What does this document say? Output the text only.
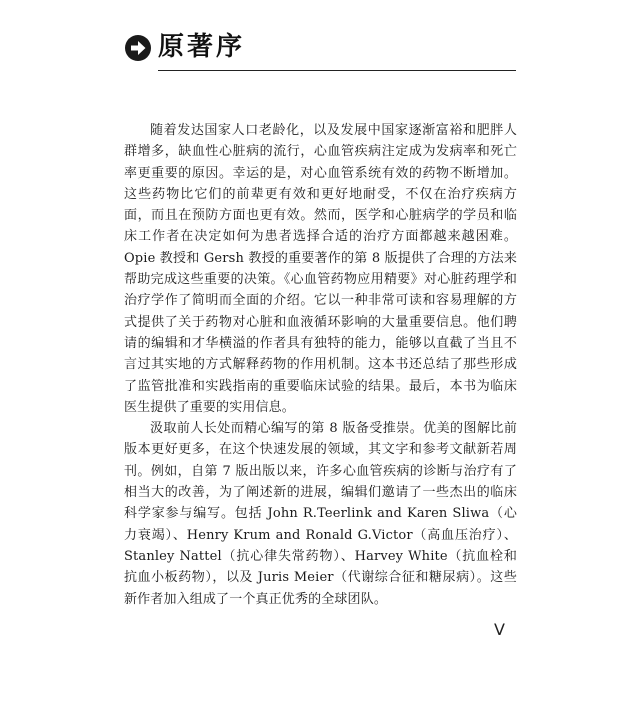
原著序

随着发达国家人口老龄化，以及发展中国家逐渐富裕和肥胖人群增多，缺血性心脏病的流行，心血管疾病注定成为发病率和死亡率更重要的原因。幸运的是，对心血管系统有效的药物不断增加。这些药物比它们的前辈更有效和更好地耐受，不仅在治疗疾病方面，而且在预防方面也更有效。然而，医学和心脏病学的学员和临床工作者在决定如何为患者选择合适的治疗方面都越来越困难。Opie 教授和 Gersh 教授的重要著作的第 8 版提供了合理的方法来帮助完成这些重要的决策。《心血管药物应用精要》对心脏药理学和治疗学作了简明而全面的介绍。它以一种非常可读和容易理解的方式提供了关于药物对心脏和血液循环影响的大量重要信息。他们聘请的编辑和才华横溢的作者具有独特的能力，能够以直截了当且不言过其实地的方式解释药物的作用机制。这本书还总结了那些形成了监管批准和实践指南的重要临床试验的结果。最后，本书为临床医生提供了重要的实用信息。

汲取前人长处而精心编写的第 8 版备受推崇。优美的图解比前版本更好更多，在这个快速发展的领域，其文字和参考文献新若周刊。例如，自第 7 版出版以来，许多心血管疾病的诊断与治疗有了相当大的改善，为了阐述新的进展，编辑们邀请了一些杰出的临床科学家参与编写。包括 John R.Teerlink and Karen Sliwa（心力衰竭）、Henry Krum and Ronald G.Victor（高血压治疗）、Stanley Nattel（抗心律失常药物）、Harvey White（抗血栓和抗血小板药物），以及 Juris Meier（代谢综合征和糖尿病）。这些新作者加入组成了一个真正优秀的全球团队。

V
